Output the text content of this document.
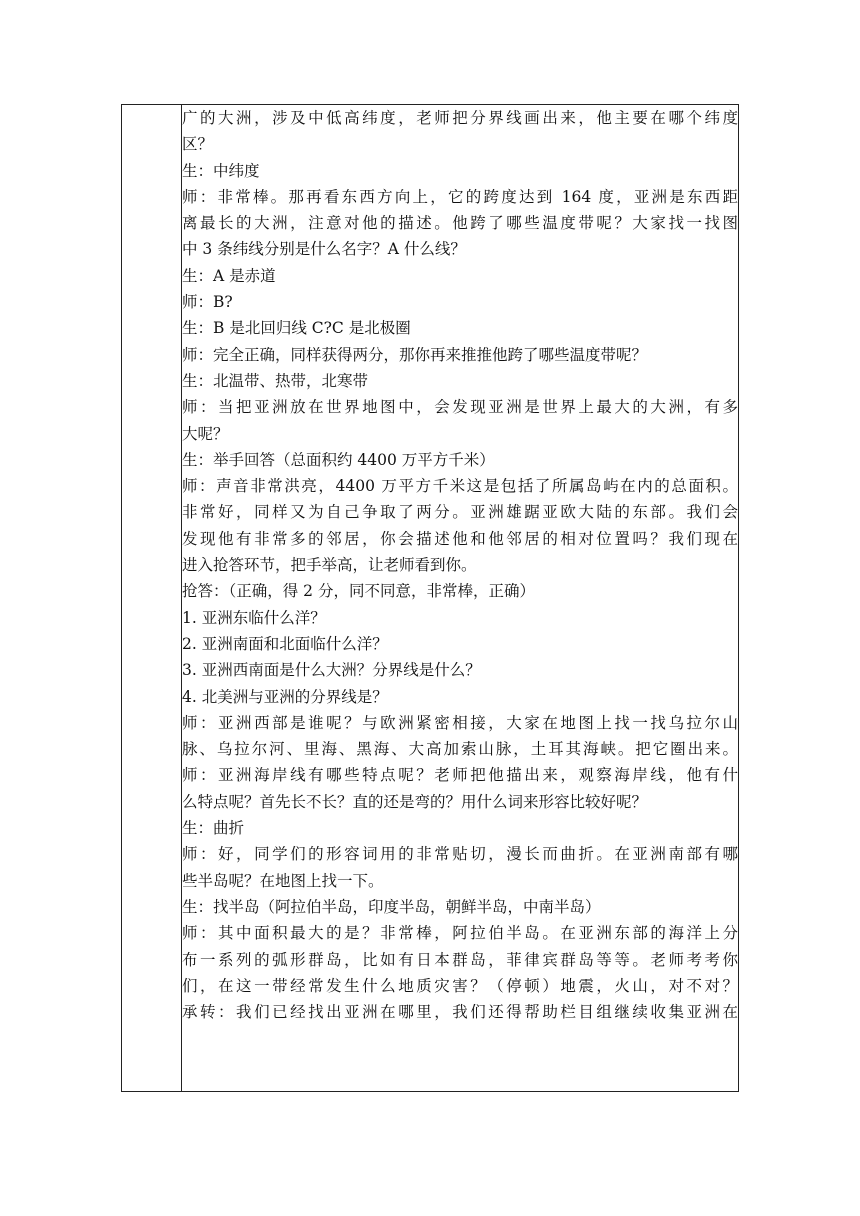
广的大洲，涉及中低高纬度，老师把分界线画出来，他主要在哪个纬度

区？

生：中纬度

师：非常棒。那再看东西方向上，它的跨度达到 164 度，亚洲是东西距

离最长的大洲，注意对他的描述。他跨了哪些温度带呢？大家找一找图

中 3 条纬线分别是什么名字？A 什么线？

生：A 是赤道

师：B?

生：B 是北回归线 C?C 是北极圈

师：完全正确，同样获得两分，那你再来推推他跨了哪些温度带呢？

生：北温带、热带，北寒带

师：当把亚洲放在世界地图中，会发现亚洲是世界上最大的大洲，有多

大呢？

生：举手回答（总面积约 4400 万平方千米）

师：声音非常洪亮，4400 万平方千米这是包括了所属岛屿在内的总面积。

非常好，同样又为自己争取了两分。亚洲雄踞亚欧大陆的东部。我们会

发现他有非常多的邻居，你会描述他和他邻居的相对位置吗？我们现在

进入抢答环节，把手举高，让老师看到你。

抢答：（正确，得 2 分，同不同意，非常棒，正确）

1. 亚洲东临什么洋？

2. 亚洲南面和北面临什么洋？

3. 亚洲西南面是什么大洲？分界线是什么？

4. 北美洲与亚洲的分界线是？

师：亚洲西部是谁呢？与欧洲紧密相接，大家在地图上找一找乌拉尔山

脉、乌拉尔河、里海、黑海、大高加索山脉，土耳其海峡。把它圈出来。

师：亚洲海岸线有哪些特点呢？老师把他描出来，观察海岸线，他有什

么特点呢？首先长不长？直的还是弯的？用什么词来形容比较好呢？

生：曲折

师：好，同学们的形容词用的非常贴切，漫长而曲折。在亚洲南部有哪

些半岛呢？在地图上找一下。

生：找半岛（阿拉伯半岛，印度半岛，朝鲜半岛，中南半岛）

师：其中面积最大的是？非常棒，阿拉伯半岛。在亚洲东部的海洋上分

布一系列的弧形群岛，比如有日本群岛，菲律宾群岛等等。老师考考你

们，在这一带经常发生什么地质灾害？（停顿）地震，火山，对不对？

承转：我们已经找出亚洲在哪里，我们还得帮助栏目组继续收集亚洲在
